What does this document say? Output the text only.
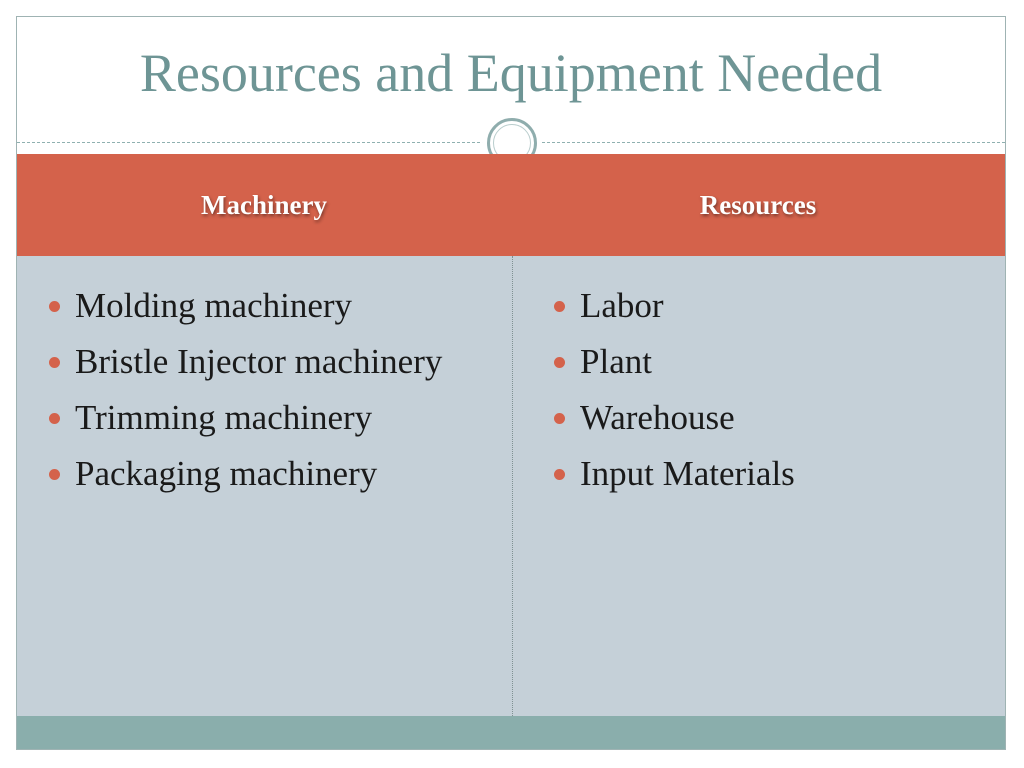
Resources and Equipment Needed
Machinery	Resources
Molding machinery
Bristle Injector machinery
Trimming machinery
Packaging machinery
Labor
Plant
Warehouse
Input Materials
